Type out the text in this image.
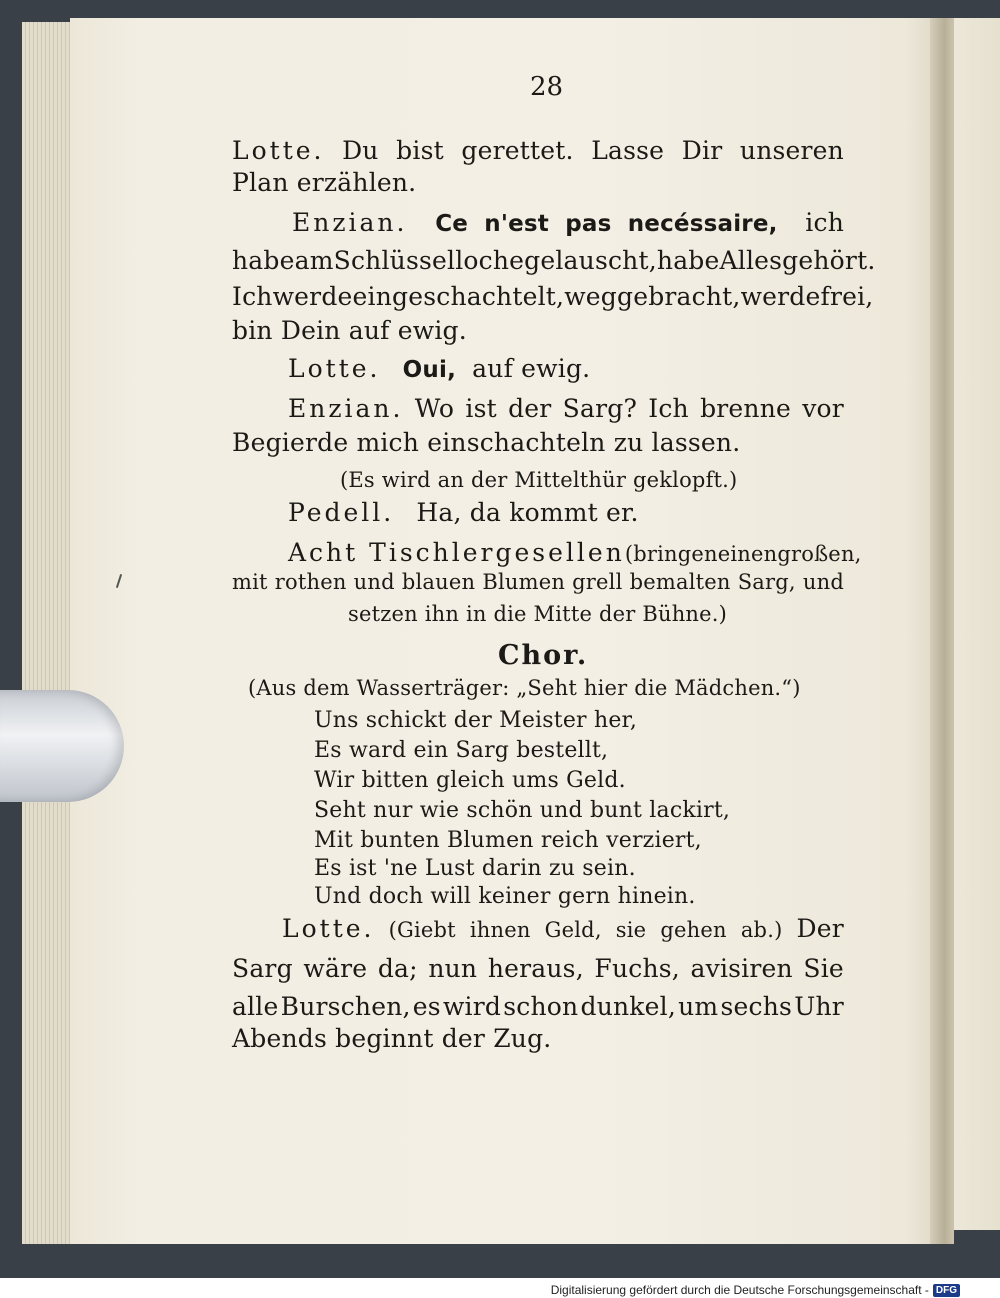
28
Lotte. Du bist gerettet. Lasse Dir unseren
Plan erzählen.
Enzian. Ce n'est pas necéssaire, ich
habe am Schlüsselloche gelauscht, habe Alles gehört.
Ich werde eingeschachtelt, weggebracht, werde frei,
bin Dein auf ewig.
Lotte. Oui, auf ewig.
Enzian. Wo ist der Sarg? Ich brenne vor
Begierde mich einschachteln zu lassen.
(Es wird an der Mittelthür geklopft.)
Pedell. Ha, da kommt er.
Acht Tischlergesellen (bringen einen großen,
mit rothen und blauen Blumen grell bemalten Sarg, und
setzen ihn in die Mitte der Bühne.)
Chor.
(Aus dem Wasserträger: „Seht hier die Mädchen.“)
Uns schickt der Meister her,
Es ward ein Sarg bestellt,
Wir bitten gleich ums Geld.
Seht nur wie schön und bunt lackirt,
Mit bunten Blumen reich verziert,
Es ist 'ne Lust darin zu sein.
Und doch will keiner gern hinein.
Lotte. (Giebt ihnen Geld, sie gehen ab.) Der
Sarg wäre da; nun heraus, Fuchs, avisiren Sie
alle Burschen, es wird schon dunkel, um sechs Uhr
Abends beginnt der Zug.
Digitalisierung gefördert durch die Deutsche Forschungsgemeinschaft - DFG
